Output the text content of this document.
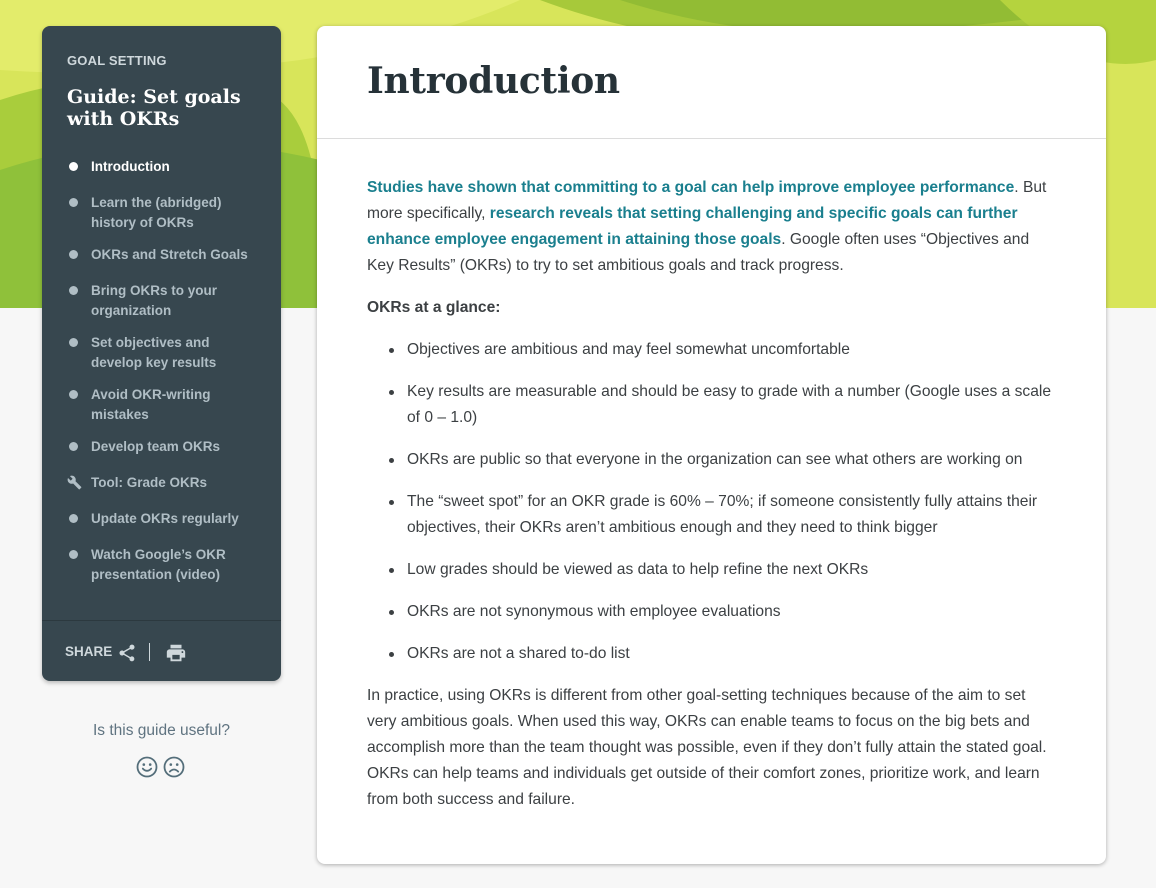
GOAL SETTING
Guide: Set goals with OKRs
Introduction
Learn the (abridged) history of OKRs
OKRs and Stretch Goals
Bring OKRs to your organization
Set objectives and develop key results
Avoid OKR-writing mistakes
Develop team OKRs
Tool: Grade OKRs
Update OKRs regularly
Watch Google’s OKR presentation (video)
SHARE
Is this guide useful?
Introduction

Studies have shown that committing to a goal can help improve employee performance. But more specifically, research reveals that setting challenging and specific goals can further enhance employee engagement in attaining those goals. Google often uses “Objectives and Key Results” (OKRs) to try to set ambitious goals and track progress.

OKRs at a glance:

Objectives are ambitious and may feel somewhat uncomfortable
Key results are measurable and should be easy to grade with a number (Google uses a scale of 0 – 1.0)
OKRs are public so that everyone in the organization can see what others are working on
The “sweet spot” for an OKR grade is 60% – 70%; if someone consistently fully attains their objectives, their OKRs aren’t ambitious enough and they need to think bigger
Low grades should be viewed as data to help refine the next OKRs
OKRs are not synonymous with employee evaluations
OKRs are not a shared to-do list

In practice, using OKRs is different from other goal-setting techniques because of the aim to set very ambitious goals. When used this way, OKRs can enable teams to focus on the big bets and accomplish more than the team thought was possible, even if they don’t fully attain the stated goal. OKRs can help teams and individuals get outside of their comfort zones, prioritize work, and learn from both success and failure.
